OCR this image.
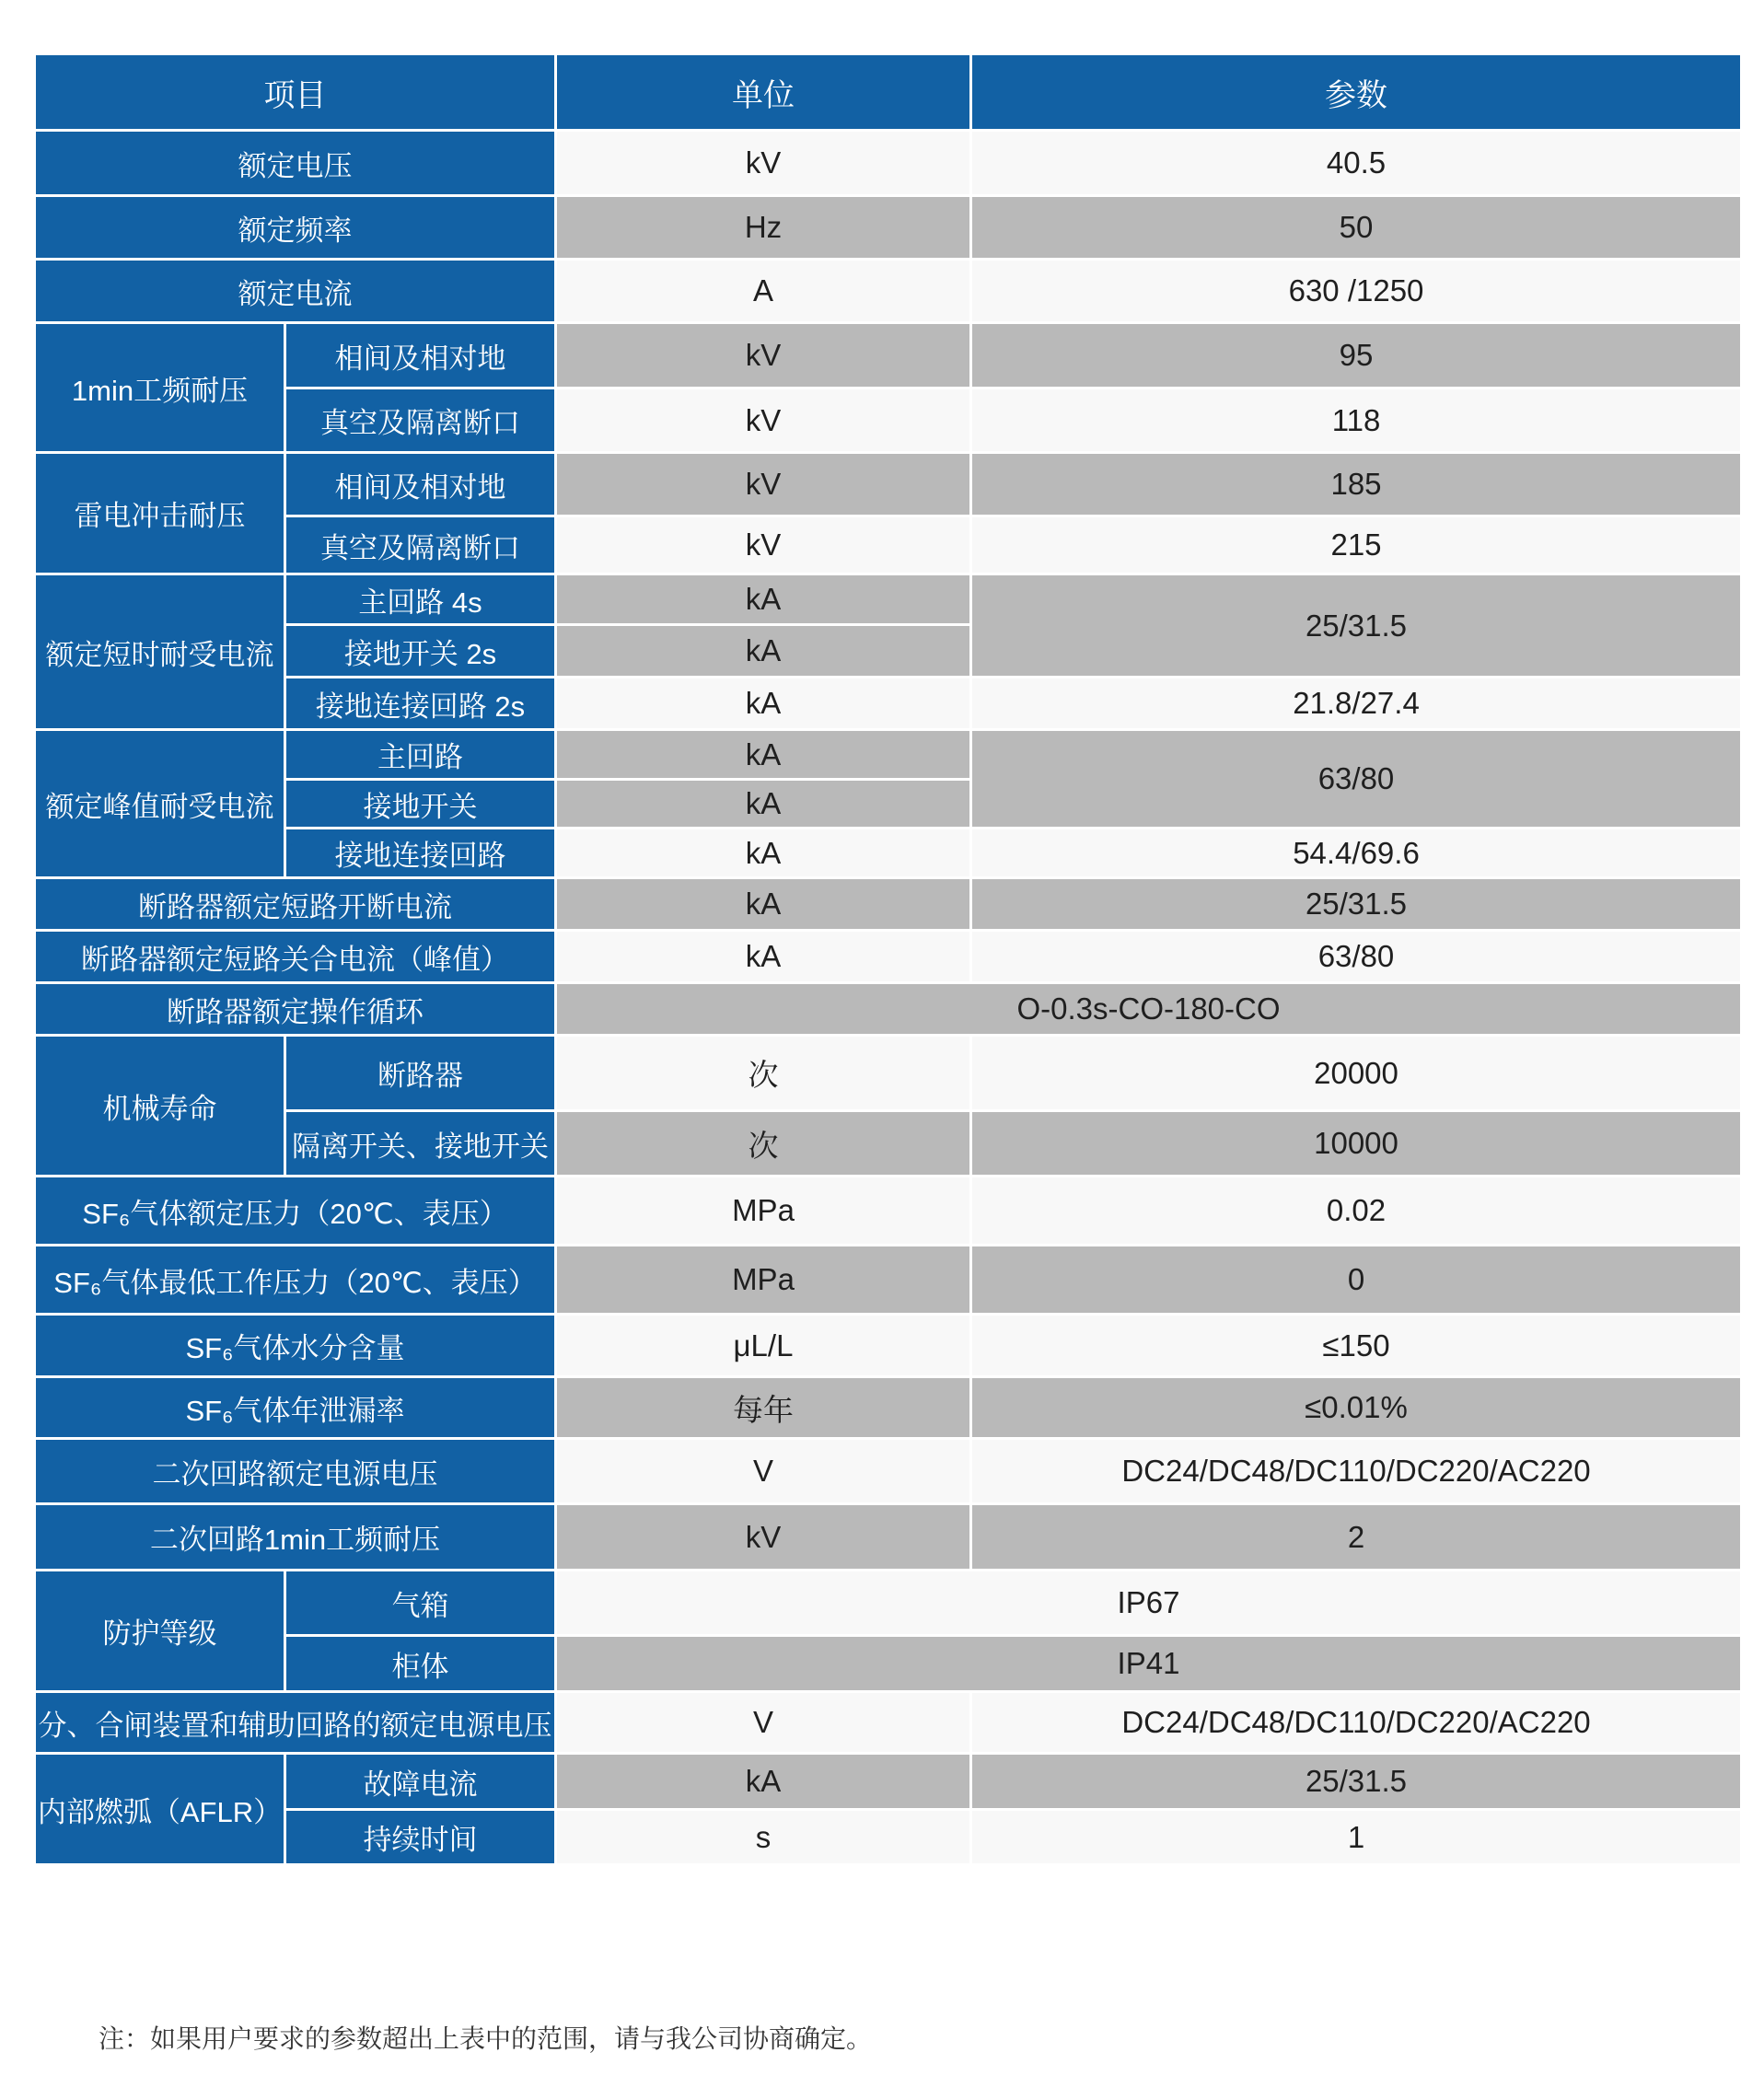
项目		单位	参数
额定电压		kV	40.5
额定频率		Hz	50
额定电流		A	630 /1250
1min工频耐压	相间及相对地	kV	95
	真空及隔离断口	kV	118
雷电冲击耐压	相间及相对地	kV	185
	真空及隔离断口	kV	215
额定短时耐受电流	主回路 4s	kA	25/31.5
	接地开关 2s	kA	
	接地连接回路 2s	kA	21.8/27.4
额定峰值耐受电流	主回路	kA	63/80
	接地开关	kA	
	接地连接回路	kA	54.4/69.6
断路器额定短路开断电流		kA	25/31.5
断路器额定短路关合电流（峰值）		kA	63/80
断路器额定操作循环		O-0.3s-CO-180-CO	
机械寿命	断路器	次	20000
	隔离开关、接地开关	次	10000
SF₆气体额定压力（20℃、表压）		MPa	0.02
SF₆气体最低工作压力（20℃、表压）		MPa	0
SF₆气体水分含量		μL/L	≤150
SF₆气体年泄漏率		每年	≤0.01%
二次回路额定电源电压		V	DC24/DC48/DC110/DC220/AC220
二次回路1min工频耐压		kV	2
防护等级	气箱	IP67	
	柜体	IP41	
分、合闸装置和辅助回路的额定电源电压		V	DC24/DC48/DC110/DC220/AC220
内部燃弧（AFLR）	故障电流	kA	25/31.5
	持续时间	s	1
注：如果用户要求的参数超出上表中的范围，请与我公司协商确定。
